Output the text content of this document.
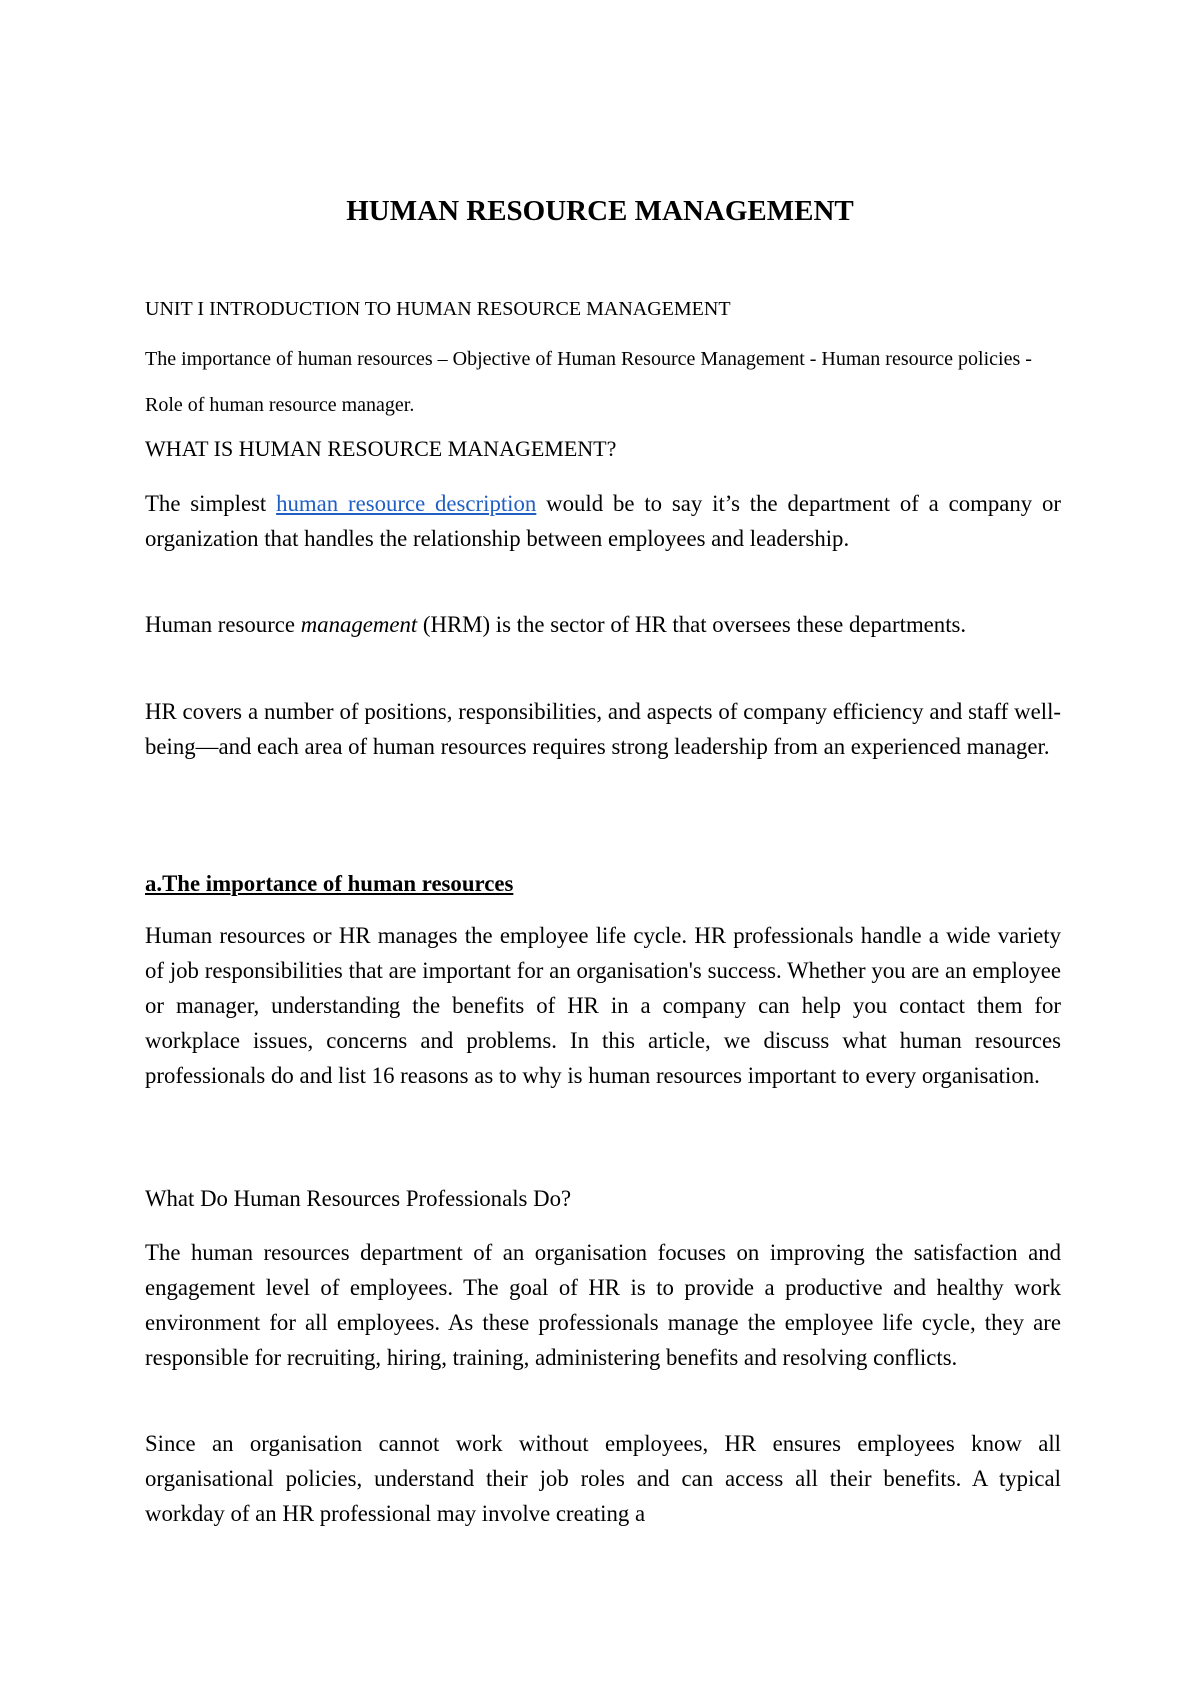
HUMAN RESOURCE MANAGEMENT

UNIT I INTRODUCTION TO HUMAN RESOURCE MANAGEMENT

The importance of human resources – Objective of Human Resource Management - Human resource policies - Role of human resource manager.

WHAT IS HUMAN RESOURCE MANAGEMENT?

The simplest human resource description would be to say it’s the department of a company or organization that handles the relationship between employees and leadership.

Human resource management (HRM) is the sector of HR that oversees these departments.

HR covers a number of positions, responsibilities, and aspects of company efficiency and staff well-being—and each area of human resources requires strong leadership from an experienced manager.

a.The importance of human resources

Human resources or HR manages the employee life cycle. HR professionals handle a wide variety of job responsibilities that are important for an organisation's success. Whether you are an employee or manager, understanding the benefits of HR in a company can help you contact them for workplace issues, concerns and problems. In this article, we discuss what human resources professionals do and list 16 reasons as to why is human resources important to every organisation.

What Do Human Resources Professionals Do?

The human resources department of an organisation focuses on improving the satisfaction and engagement level of employees. The goal of HR is to provide a productive and healthy work environment for all employees. As these professionals manage the employee life cycle, they are responsible for recruiting, hiring, training, administering benefits and resolving conflicts.

Since an organisation cannot work without employees, HR ensures employees know all organisational policies, understand their job roles and can access all their benefits. A typical workday of an HR professional may involve creating a
